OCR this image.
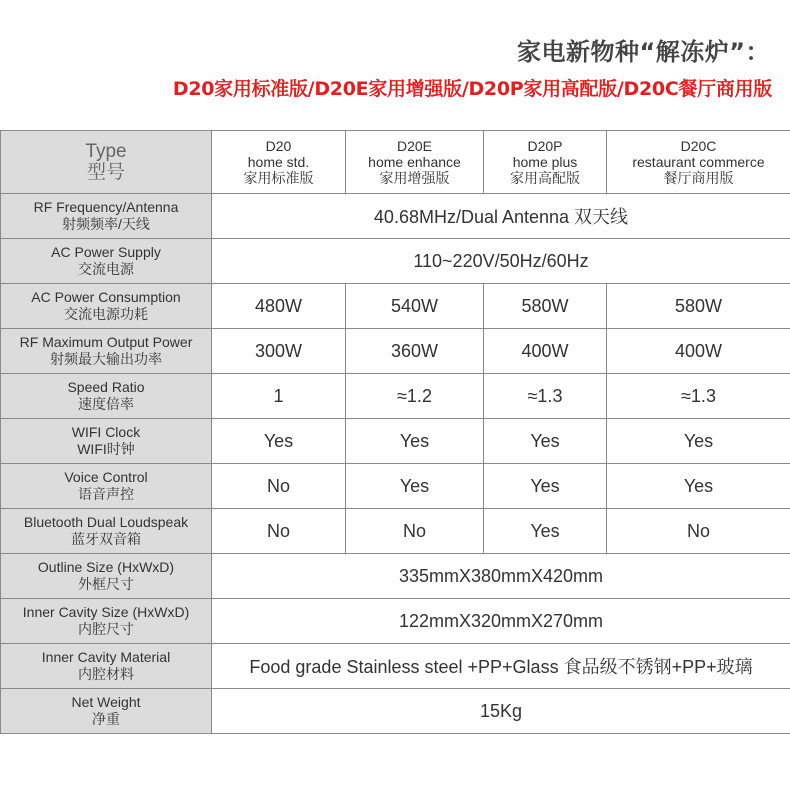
家电新物种“解冻炉”：
D20家用标准版/D20E家用增强版/D20P家用高配版/D20C餐厅商用版
Type
型号	D20
home std.
家用标准版	D20E
home enhance
家用增强版	D20P
home plus
家用高配版	D20C
restaurant commerce
餐厅商用版

RF Frequency/Antenna
射频频率/天线	40.68MHz/Dual Antenna 双天线			

AC Power Supply
交流电源	110~220V/50Hz/60Hz			

AC Power Consumption
交流电源功耗	480W	540W	580W	580W

RF Maximum Output Power
射频最大输出功率	300W	360W	400W	400W

Speed Ratio
速度倍率	1	≈1.2	≈1.3	≈1.3

WIFI Clock
WIFI时钟	Yes	Yes	Yes	Yes

Voice Control
语音声控	No	Yes	Yes	Yes

Bluetooth Dual Loudspeak
蓝牙双音箱	No	No	Yes	No

Outline Size (HxWxD)
外框尺寸	335mmX380mmX420mm			

Inner Cavity Size (HxWxD)
内腔尺寸	122mmX320mmX270mm			

Inner Cavity Material
内腔材料	Food grade Stainless steel +PP+Glass 食品级不锈钢+PP+玻璃			

Net Weight
净重	15Kg			
